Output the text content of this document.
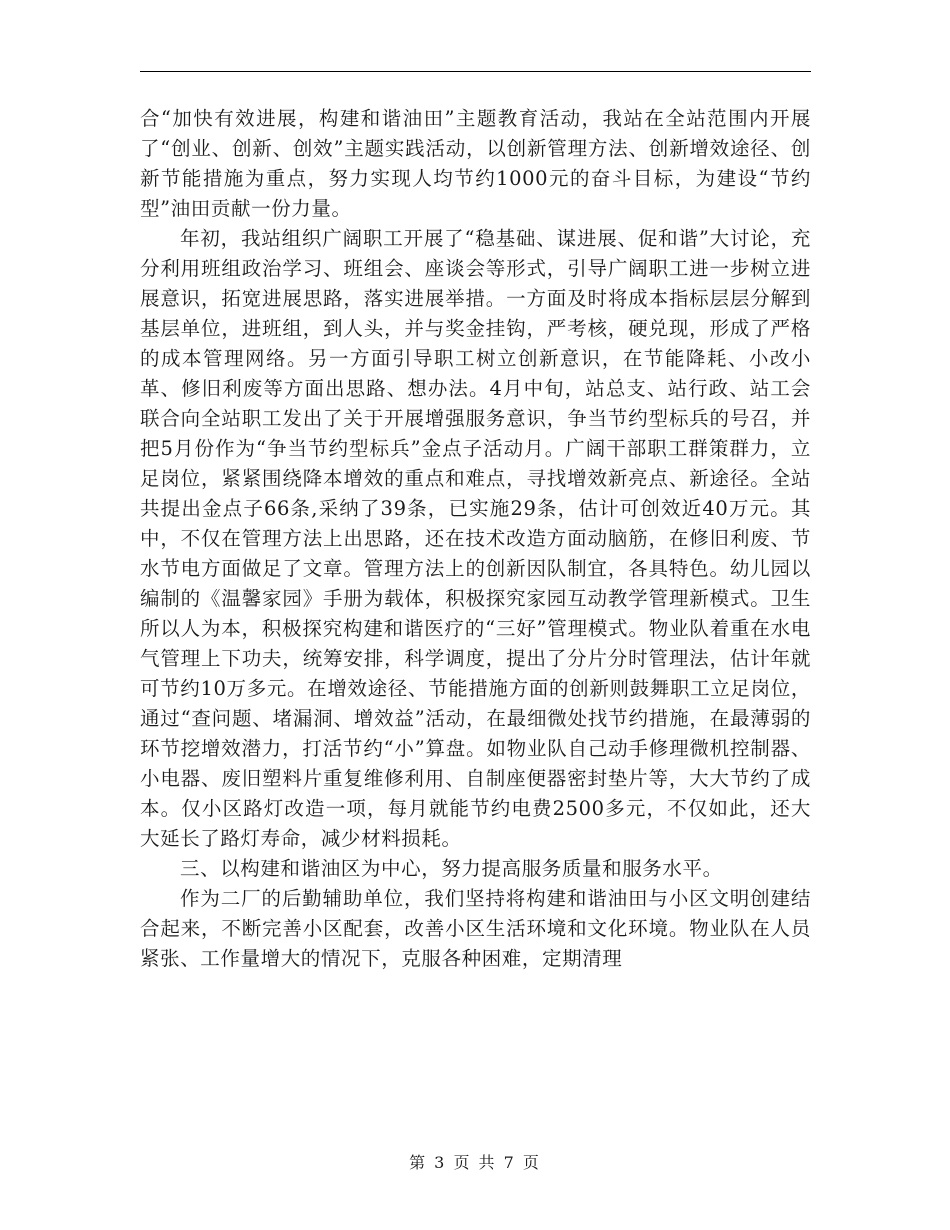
合“加快有效进展，构建和谐油田”主题教育活动，我站在全站范围内开展了“创业、创新、创效”主题实践活动，以创新管理方法、创新增效途径、创新节能措施为重点，努力实现人均节约1000元的奋斗目标，为建设“节约型”油田贡献一份力量。

年初，我站组织广阔职工开展了“稳基础、谋进展、促和谐”大讨论，充分利用班组政治学习、班组会、座谈会等形式，引导广阔职工进一步树立进展意识，拓宽进展思路，落实进展举措。一方面及时将成本指标层层分解到基层单位，进班组，到人头，并与奖金挂钩，严考核，硬兑现，形成了严格的成本管理网络。另一方面引导职工树立创新意识，在节能降耗、小改小革、修旧利废等方面出思路、想办法。4月中旬，站总支、站行政、站工会联合向全站职工发出了关于开展增强服务意识，争当节约型标兵的号召，并把5月份作为“争当节约型标兵”金点子活动月。广阔干部职工群策群力，立足岗位，紧紧围绕降本增效的重点和难点，寻找增效新亮点、新途径。全站共提出金点子66条,采纳了39条，已实施29条，估计可创效近40万元。其中，不仅在管理方法上出思路，还在技术改造方面动脑筋，在修旧利废、节水节电方面做足了文章。管理方法上的创新因队制宜，各具特色。幼儿园以编制的《温馨家园》手册为载体，积极探究家园互动教学管理新模式。卫生所以人为本，积极探究构建和谐医疗的“三好”管理模式。物业队着重在水电气管理上下功夫，统筹安排，科学调度，提出了分片分时管理法，估计年就可节约10万多元。在增效途径、节能措施方面的创新则鼓舞职工立足岗位，通过“查问题、堵漏洞、增效益”活动，在最细微处找节约措施，在最薄弱的环节挖增效潜力，打活节约“小”算盘。如物业队自己动手修理微机控制器、小电器、废旧塑料片重复维修利用、自制座便器密封垫片等，大大节约了成本。仅小区路灯改造一项，每月就能节约电费2500多元，不仅如此，还大大延长了路灯寿命，减少材料损耗。

三、以构建和谐油区为中心，努力提高服务质量和服务水平。

作为二厂的后勤辅助单位，我们坚持将构建和谐油田与小区文明创建结合起来，不断完善小区配套，改善小区生活环境和文化环境。物业队在人员紧张、工作量增大的情况下，克服各种困难，定期清理

第 3 页 共 7 页
